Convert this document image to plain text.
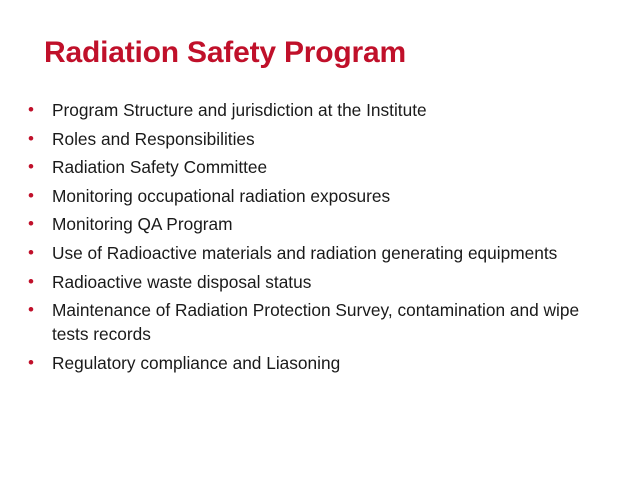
Radiation Safety Program
•	Program Structure and jurisdiction at the Institute
•	Roles and Responsibilities
•	Radiation Safety Committee
•	Monitoring occupational radiation exposures
•	Monitoring QA Program
•	Use of Radioactive materials and radiation generating equipments
•	Radioactive waste disposal status
•	Maintenance of Radiation Protection Survey, contamination and wipe tests records
•	Regulatory compliance and Liasoning
